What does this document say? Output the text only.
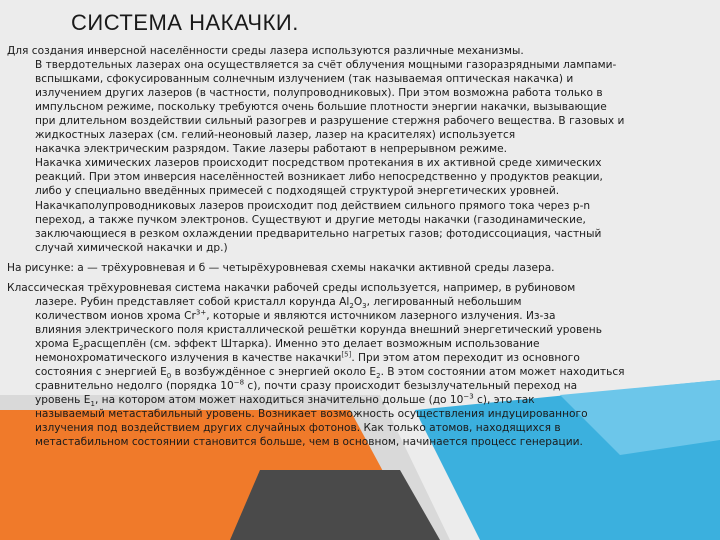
СИСТЕМА НАКАЧКИ.
Для создания инверсной населённости среды лазера используются различные механизмы.
В твердотельных лазерах она осуществляется за счёт облучения мощными газоразрядными лампами-
вспышками, сфокусированным солнечным излучением (так называемая оптическая накачка) и
излучением других лазеров (в частности, полупроводниковых). При этом возможна работа только в
импульсном режиме, поскольку требуются очень большие плотности энергии накачки, вызывающие
при длительном воздействии сильный разогрев и разрушение стержня рабочего вещества. В газовых и
жидкостных лазерах (см. гелий-неоновый лазер, лазер на красителях) используется
накачка электрическим разрядом. Такие лазеры работают в непрерывном режиме.
Накачка химических лазеров происходит посредством протекания в их активной среде химических
реакций. При этом инверсия населённостей возникает либо непосредственно у продуктов реакции,
либо у специально введённых примесей с подходящей структурой энергетических уровней.
Накачкаполупроводниковых лазеров происходит под действием сильного прямого тока через p-n
переход, а также пучком электронов. Существуют и другие методы накачки (газодинамические,
заключающиеся в резком охлаждении предварительно нагретых газов; фотодиссоциация, частный
случай химической накачки и др.)
На рисунке: а — трёхуровневая и б — четырёхуровневая схемы накачки активной среды лазера.
Классическая трёхуровневая система накачки рабочей среды используется, например, в рубиновом
лазере. Рубин представляет собой кристалл корунда $Al_2O_3$, легированный небольшим
количеством ионов хрома $Cr^{3+}$, которые и являются источником лазерного излучения. Из-за
влияния электрического поля кристаллической решётки корунда внешний энергетический уровень
хрома $E_2расщеплён$ (см. эффект Штарка). Именно это делает возможным использование
немонохроматического излучения в качестве накачки[5]. При этом атом переходит из основного
состояния с энергией $E_0$ в возбуждённое с энергией около $E_2$. В этом состоянии атом может находиться
сравнительно недолго (порядка $10^{-8}$ с), почти сразу происходит безызлучательный переход на
уровень $E_1$, на котором атом может находиться значительно дольше (до $10^{-3}$ с), это так
называемый метастабильный уровень. Возникает возможность осуществления индуцированного
излучения под воздействием других случайных фотонов. Как только атомов, находящихся в
метастабильном состоянии становится больше, чем в основном, начинается процесс генерации.
